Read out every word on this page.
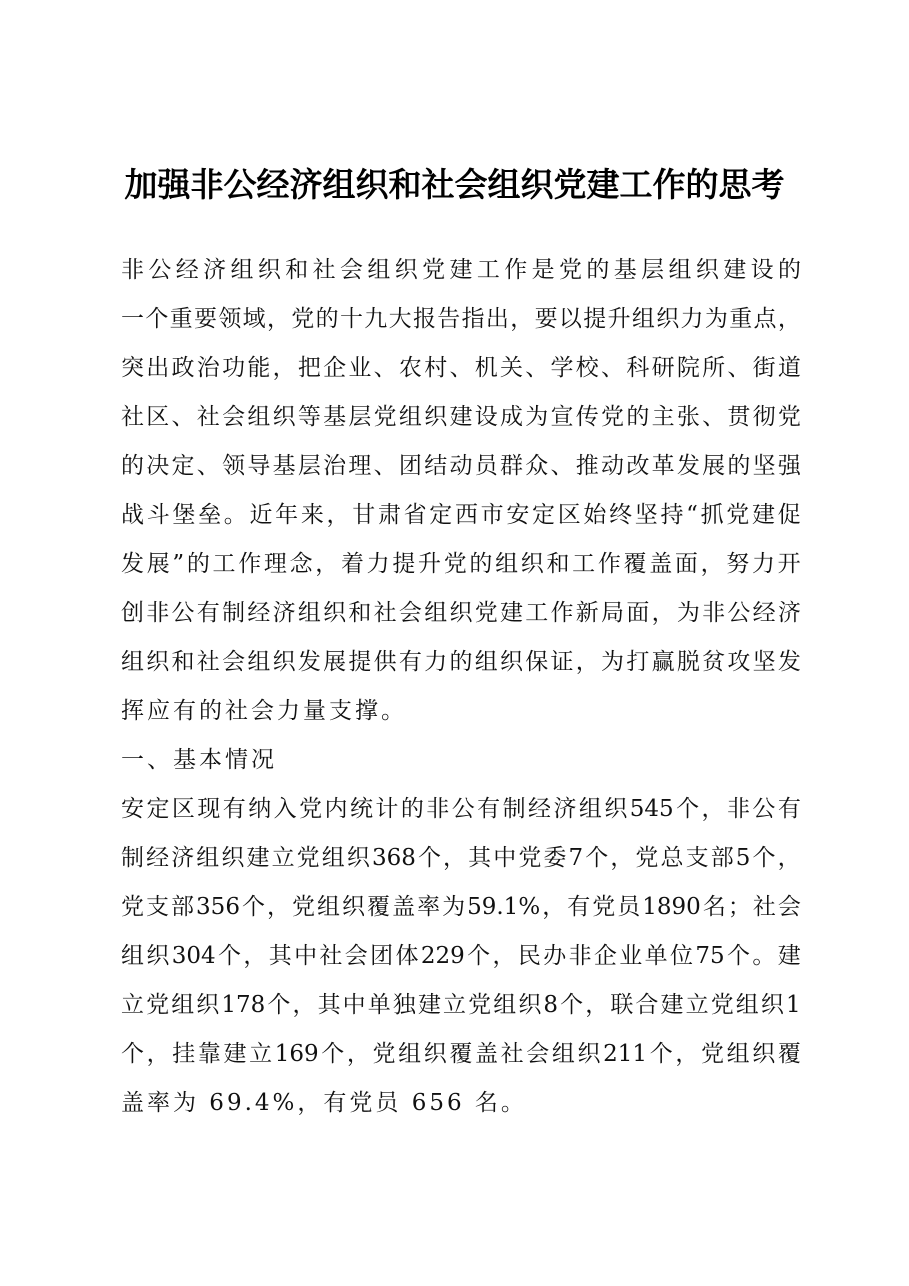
加强非公经济组织和社会组织党建工作的思考
非 公 经 济 组 织 和 社 会 组 织 党 建 工 作 是 党 的 基 层 组 织 建 设 的
一 个 重 要 领 域 ， 党 的 十 九 大 报 告 指 出 ， 要 以 提 升 组 织 力 为 重 点 ，
突 出 政 治 功 能 ， 把 企 业 、 农 村 、 机 关 、 学 校 、 科 研 院 所 、 街 道
社 区 、 社 会 组 织 等 基 层 党 组 织 建 设 成 为 宣 传 党 的 主 张 、 贯 彻 党
的 决 定 、 领 导 基 层 治 理 、 团 结 动 员 群 众 、 推 动 改 革 发 展 的 坚 强
战 斗 堡 垒 。 近 年 来 ， 甘 肃 省 定 西 市 安 定 区 始 终 坚 持 “ 抓 党 建 促
发 展 ” 的 工 作 理 念 ， 着 力 提 升 党 的 组 织 和 工 作 覆 盖 面 ， 努 力 开
创 非 公 有 制 经 济 组 织 和 社 会 组 织 党 建 工 作 新 局 面 ， 为 非 公 经 济
组 织 和 社 会 组 织 发 展 提 供 有 力 的 组 织 保 证 ， 为 打 赢 脱 贫 攻 坚 发
挥应有的社会力量支撑。
一、基本情况
安 定 区 现 有 纳 入 党 内 统 计 的 非 公 有 制 经 济 组 织 545 个 ， 非 公 有
制 经 济 组 织 建 立 党 组 织 368 个 ， 其 中 党 委 7 个 ， 党 总 支 部 5 个 ，
党 支 部 356 个 ， 党 组 织 覆 盖 率 为 59.1% ， 有 党 员 1890 名 ； 社 会
组 织 304 个 ， 其 中 社 会 团 体 229 个 ， 民 办 非 企 业 单 位 75 个 。 建
立 党 组 织 178 个 ， 其 中 单 独 建 立 党 组 织 8 个 ， 联 合 建 立 党 组 织 1
个 ， 挂 靠 建 立 169 个 ， 党 组 织 覆 盖 社 会 组 织 211 个 ， 党 组 织 覆
盖率为 69.4%，有党员 656 名。
